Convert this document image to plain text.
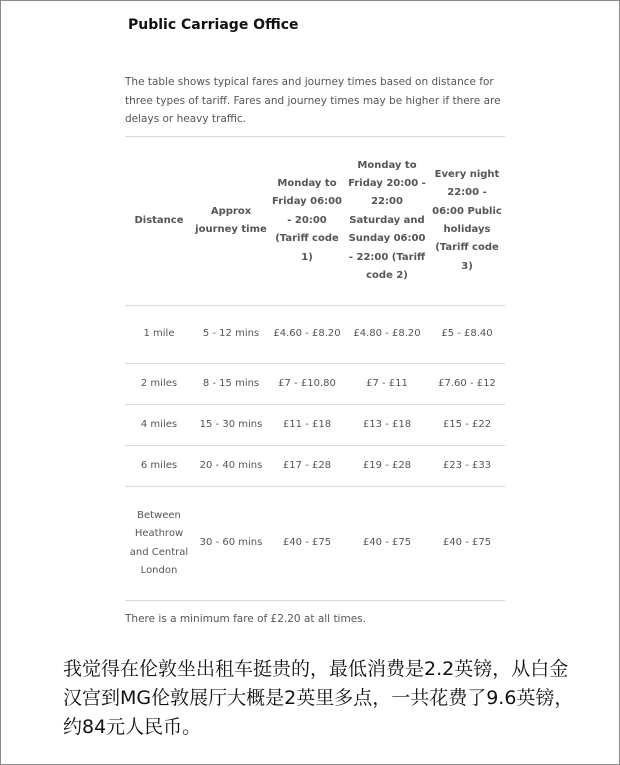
Public Carriage Office
The table shows typical fares and journey times based on distance for three types of tariff. Fares and journey times may be higher if there are delays or heavy traffic.
Distance	Approx journey time	Monday to Friday 06:00 - 20:00 (Tariff code 1)	Monday to Friday 20:00 - 22:00 Saturday and Sunday 06:00 - 22:00 (Tariff code 2)	Every night 22:00 - 06:00 Public holidays (Tariff code 3)
1 mile	5 - 12 mins	£4.60 - £8.20	£4.80 - £8.20	£5 - £8.40
2 miles	8 - 15 mins	£7 - £10.80	£7 - £11	£7.60 - £12
4 miles	15 - 30 mins	£11 - £18	£13 - £18	£15 - £22
6 miles	20 - 40 mins	£17 - £28	£19 - £28	£23 - £33
Between Heathrow and Central London	30 - 60 mins	£40 - £75	£40 - £75	£40 - £75
There is a minimum fare of £2.20 at all times.
我觉得在伦敦坐出租车挺贵的，最低消费是2.2英镑，从白金汉宫到MG伦敦展厅大概是2英里多点，一共花费了9.6英镑，约84元人民币。
